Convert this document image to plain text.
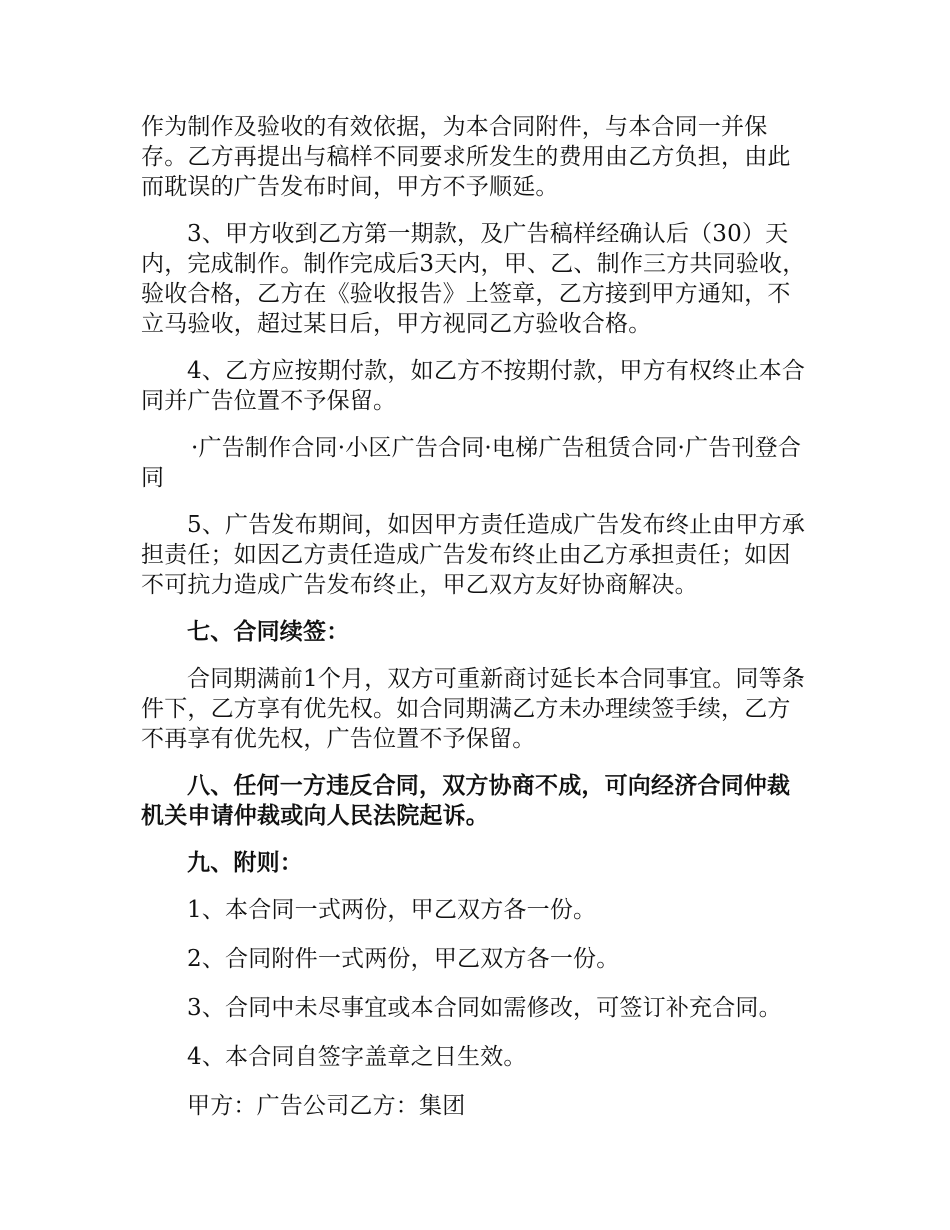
作为制作及验收的有效依据，为本合同附件，与本合同一并保存。乙方再提出与稿样不同要求所发生的费用由乙方负担，由此而耽误的广告发布时间，甲方不予顺延。

3、甲方收到乙方第一期款，及广告稿样经确认后（30）天内，完成制作。制作完成后3天内，甲、乙、制作三方共同验收，验收合格，乙方在《验收报告》上签章，乙方接到甲方通知，不立马验收，超过某日后，甲方视同乙方验收合格。

4、乙方应按期付款，如乙方不按期付款，甲方有权终止本合同并广告位置不予保留。

·广告制作合同·小区广告合同·电梯广告租赁合同·广告刊登合同

5、广告发布期间，如因甲方责任造成广告发布终止由甲方承担责任；如因乙方责任造成广告发布终止由乙方承担责任；如因不可抗力造成广告发布终止，甲乙双方友好协商解决。

七、合同续签：

合同期满前1个月，双方可重新商讨延长本合同事宜。同等条件下，乙方享有优先权。如合同期满乙方未办理续签手续，乙方不再享有优先权，广告位置不予保留。

八、任何一方违反合同，双方协商不成，可向经济合同仲裁机关申请仲裁或向人民法院起诉。

九、附则：

1、本合同一式两份，甲乙双方各一份。

2、合同附件一式两份，甲乙双方各一份。

3、合同中未尽事宜或本合同如需修改，可签订补充合同。

4、本合同自签字盖章之日生效。

甲方：广告公司乙方：集团
